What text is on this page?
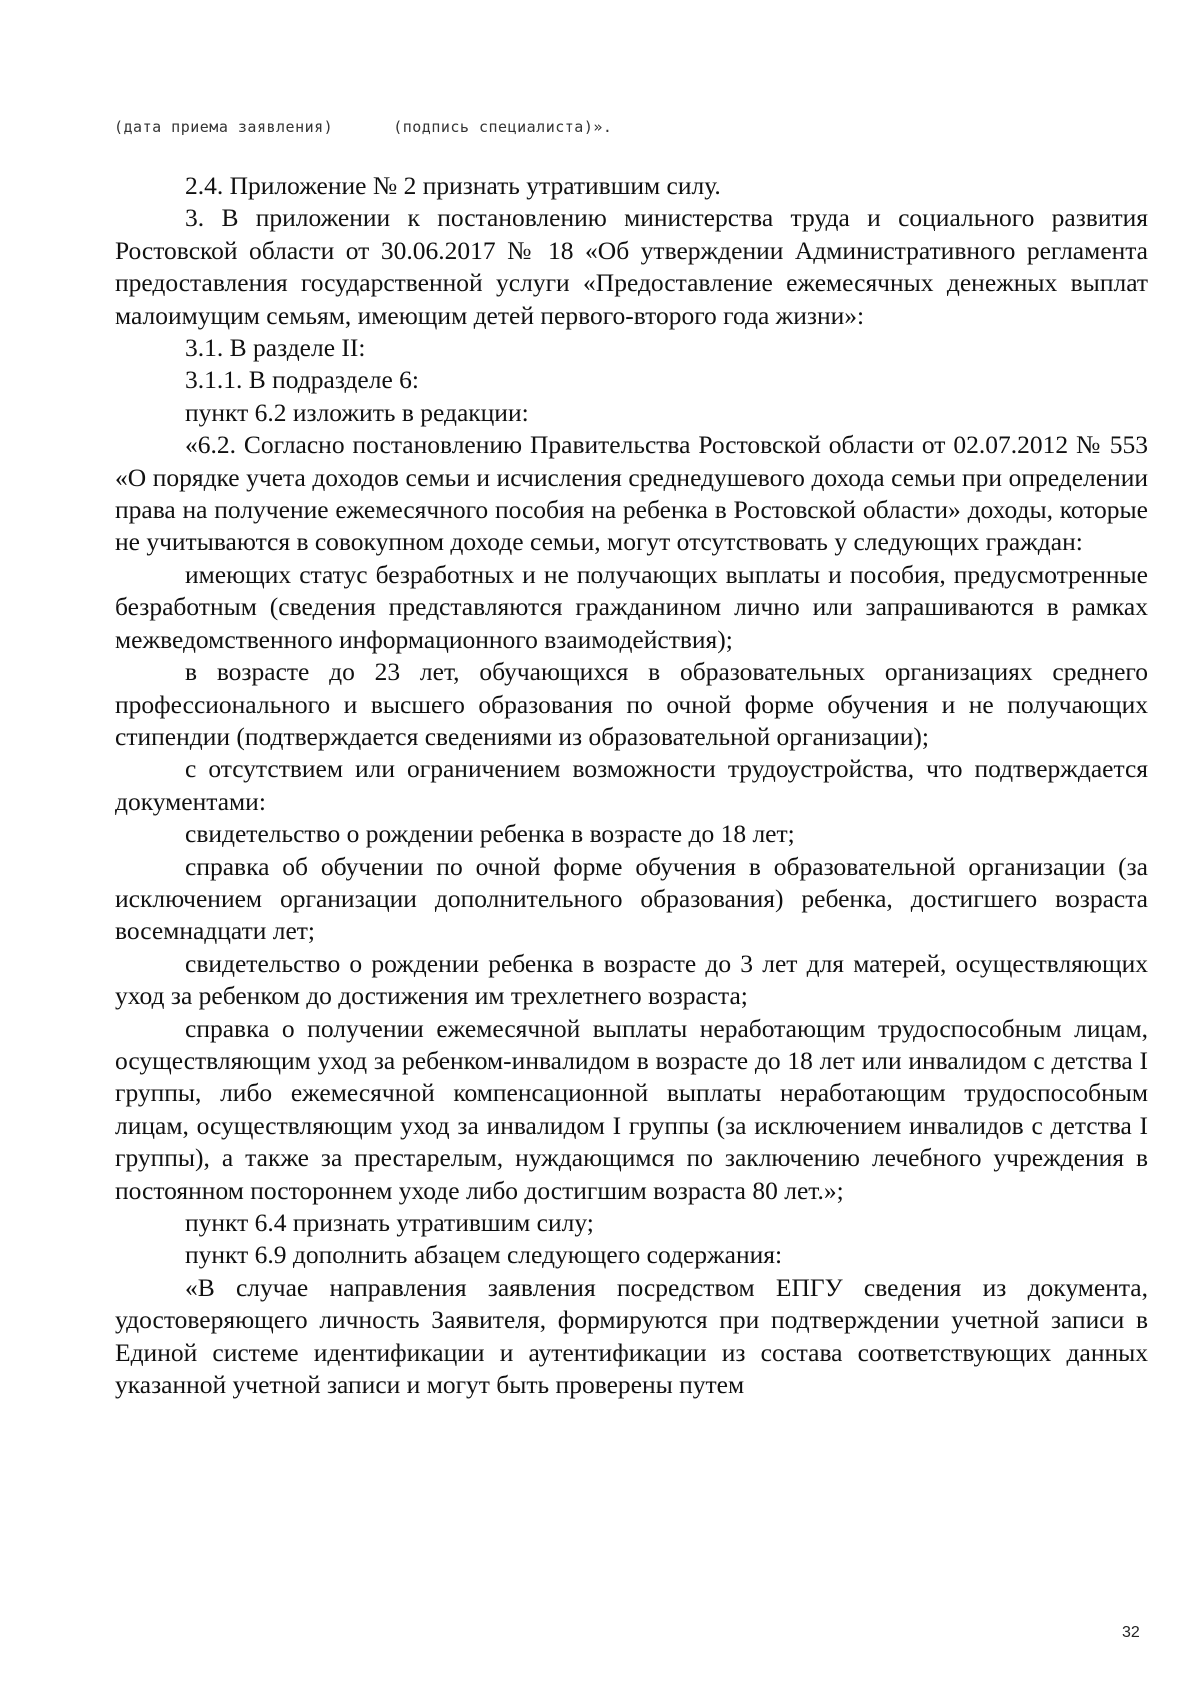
(дата приема заявления)	(подпись специалиста)».

2.4. Приложение № 2 признать утратившим силу.

3. В приложении к постановлению министерства труда и социального развития Ростовской области от 30.06.2017 № 18 «Об утверждении Административного регламента предоставления государственной услуги «Предоставление ежемесячных денежных выплат малоимущим семьям, имеющим детей первого-второго года жизни»:

3.1. В разделе II:

3.1.1. В подразделе 6:

пункт 6.2 изложить в редакции:

«6.2. Согласно постановлению Правительства Ростовской области от 02.07.2012 № 553 «О порядке учета доходов семьи и исчисления среднедушевого дохода семьи при определении права на получение ежемесячного пособия на ребенка в Ростовской области» доходы, которые не учитываются в совокупном доходе семьи, могут отсутствовать у следующих граждан:

имеющих статус безработных и не получающих выплаты и пособия, предусмотренные безработным (сведения представляются гражданином лично или запрашиваются в рамках межведомственного информационного взаимодействия);

в возрасте до 23 лет, обучающихся в образовательных организациях среднего профессионального и высшего образования по очной форме обучения и не получающих стипендии (подтверждается сведениями из образовательной организации);

с отсутствием или ограничением возможности трудоустройства, что подтверждается документами:

свидетельство о рождении ребенка в возрасте до 18 лет;

справка об обучении по очной форме обучения в образовательной организации (за исключением организации дополнительного образования) ребенка, достигшего возраста восемнадцати лет;

свидетельство о рождении ребенка в возрасте до 3 лет для матерей, осуществляющих уход за ребенком до достижения им трехлетнего возраста;

справка о получении ежемесячной выплаты неработающим трудоспособным лицам, осуществляющим уход за ребенком-инвалидом в возрасте до 18 лет или инвалидом с детства I группы, либо ежемесячной компенсационной выплаты неработающим трудоспособным лицам, осуществляющим уход за инвалидом I группы (за исключением инвалидов с детства I группы), а также за престарелым, нуждающимся по заключению лечебного учреждения в постоянном постороннем уходе либо достигшим возраста 80 лет.»;

пункт 6.4 признать утратившим силу;

пункт 6.9 дополнить абзацем следующего содержания:

«В случае направления заявления посредством ЕПГУ сведения из документа, удостоверяющего личность Заявителя, формируются при подтверждении учетной записи в Единой системе идентификации и аутентификации из состава соответствующих данных указанной учетной записи и могут быть проверены путем

32
